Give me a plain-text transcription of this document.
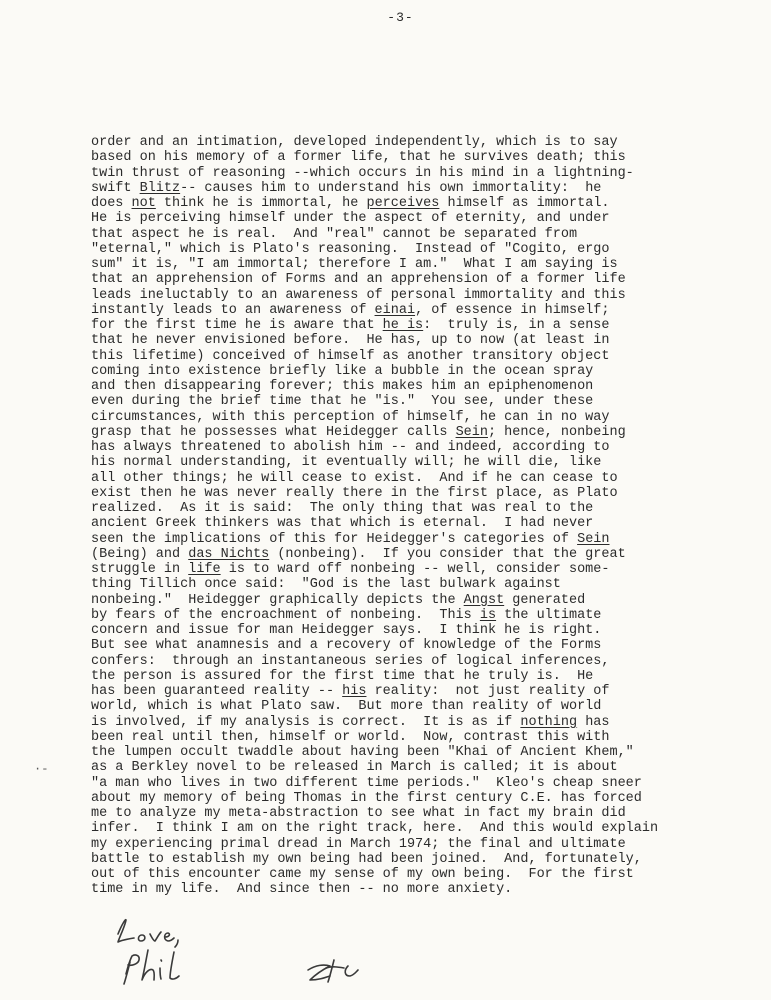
-3-
order and an intimation, developed independently, which is to say
based on his memory of a former life, that he survives death; this
twin thrust of reasoning --which occurs in his mind in a lightning-
swift Blitz-- causes him to understand his own immortality:  he
does not think he is immortal, he perceives himself as immortal.
He is perceiving himself under the aspect of eternity, and under
that aspect he is real.  And "real" cannot be separated from
"eternal," which is Plato's reasoning.  Instead of "Cogito, ergo
sum" it is, "I am immortal; therefore I am."  What I am saying is
that an apprehension of Forms and an apprehension of a former life
leads ineluctably to an awareness of personal immortality and this
instantly leads to an awareness of einai, of essence in himself;
for the first time he is aware that he is:  truly is, in a sense
that he never envisioned before.  He has, up to now (at least in
this lifetime) conceived of himself as another transitory object
coming into existence briefly like a bubble in the ocean spray
and then disappearing forever; this makes him an epiphenomenon
even during the brief time that he "is."  You see, under these
circumstances, with this perception of himself, he can in no way
grasp that he possesses what Heidegger calls Sein; hence, nonbeing
has always threatened to abolish him -- and indeed, according to
his normal understanding, it eventually will; he will die, like
all other things; he will cease to exist.  And if he can cease to
exist then he was never really there in the first place, as Plato
realized.  As it is said:  The only thing that was real to the
ancient Greek thinkers was that which is eternal.  I had never
seen the implications of this for Heidegger's categories of Sein
(Being) and das Nichts (nonbeing).  If you consider that the great
struggle in life is to ward off nonbeing -- well, consider some-
thing Tillich once said:  "God is the last bulwark against
nonbeing."  Heidegger graphically depicts the Angst generated
by fears of the encroachment of nonbeing.  This is the ultimate
concern and issue for man Heidegger says.  I think he is right.
But see what anamnesis and a recovery of knowledge of the Forms
confers:  through an instantaneous series of logical inferences,
the person is assured for the first time that he truly is.  He
has been guaranteed reality -- his reality:  not just reality of
world, which is what Plato saw.  But more than reality of world
is involved, if my analysis is correct.  It is as if nothing has
been real until then, himself or world.  Now, contrast this with
the lumpen occult twaddle about having been "Khai of Ancient Khem,"
as a Berkley novel to be released in March is called; it is about
"a man who lives in two different time periods."  Kleo's cheap sneer
about my memory of being Thomas in the first century C.E. has forced
me to analyze my meta-abstraction to see what in fact my brain did
infer.  I think I am on the right track, here.  And this would explain
my experiencing primal dread in March 1974; the final and ultimate
battle to establish my own being had been joined.  And, fortunately,
out of this encounter came my sense of my own being.  For the first
time in my life.  And since then -- no more anxiety.
·-
